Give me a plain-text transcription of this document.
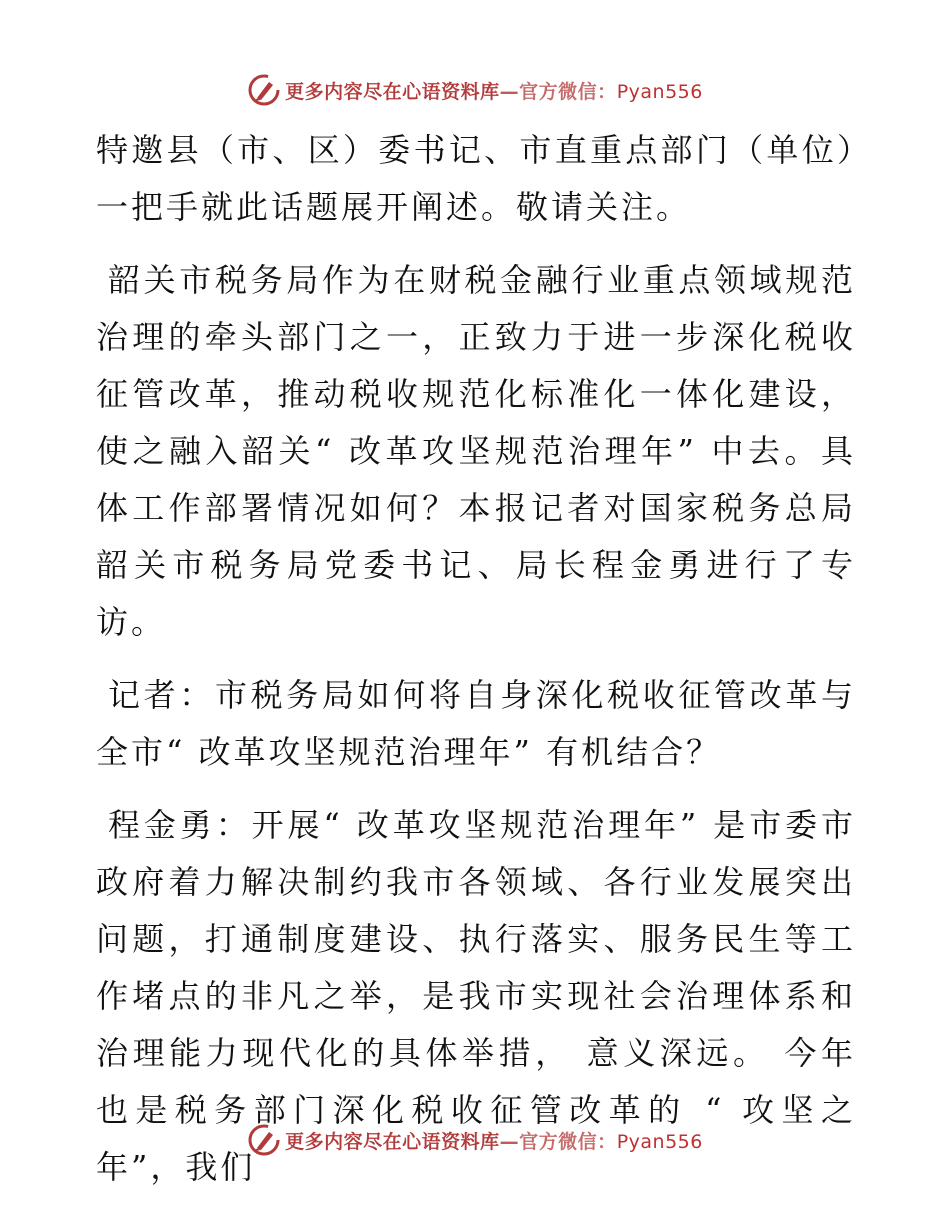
更多内容尽在心语资料库—官方微信：Pyan556

特邀县（市、区）委书记、市直重点部门（单位）一把手就此话题展开阐述。敬请关注。

韶关市税务局作为在财税金融行业重点领域规范治理的牵头部门之一，正致力于进一步深化税收征管改革，推动税收规范化标准化一体化建设，使之融入韶关“ 改革攻坚规范治理年” 中去。具体工作部署情况如何？本报记者对国家税务总局韶关市税务局党委书记、局长程金勇进行了专访。

记者：市税务局如何将自身深化税收征管改革与全市“ 改革攻坚规范治理年” 有机结合？

程金勇：开展“ 改革攻坚规范治理年” 是市委市政府着力解决制约我市各领域、各行业发展突出问题，打通制度建设、执行落实、服务民生等工作堵点的非凡之举，是我市实现社会治理体系和治理能力现代化的具体举措， 意义深远。 今年也是税务部门深化税收征管改革的 “ 攻坚之年”，我们

更多内容尽在心语资料库—官方微信：Pyan556
